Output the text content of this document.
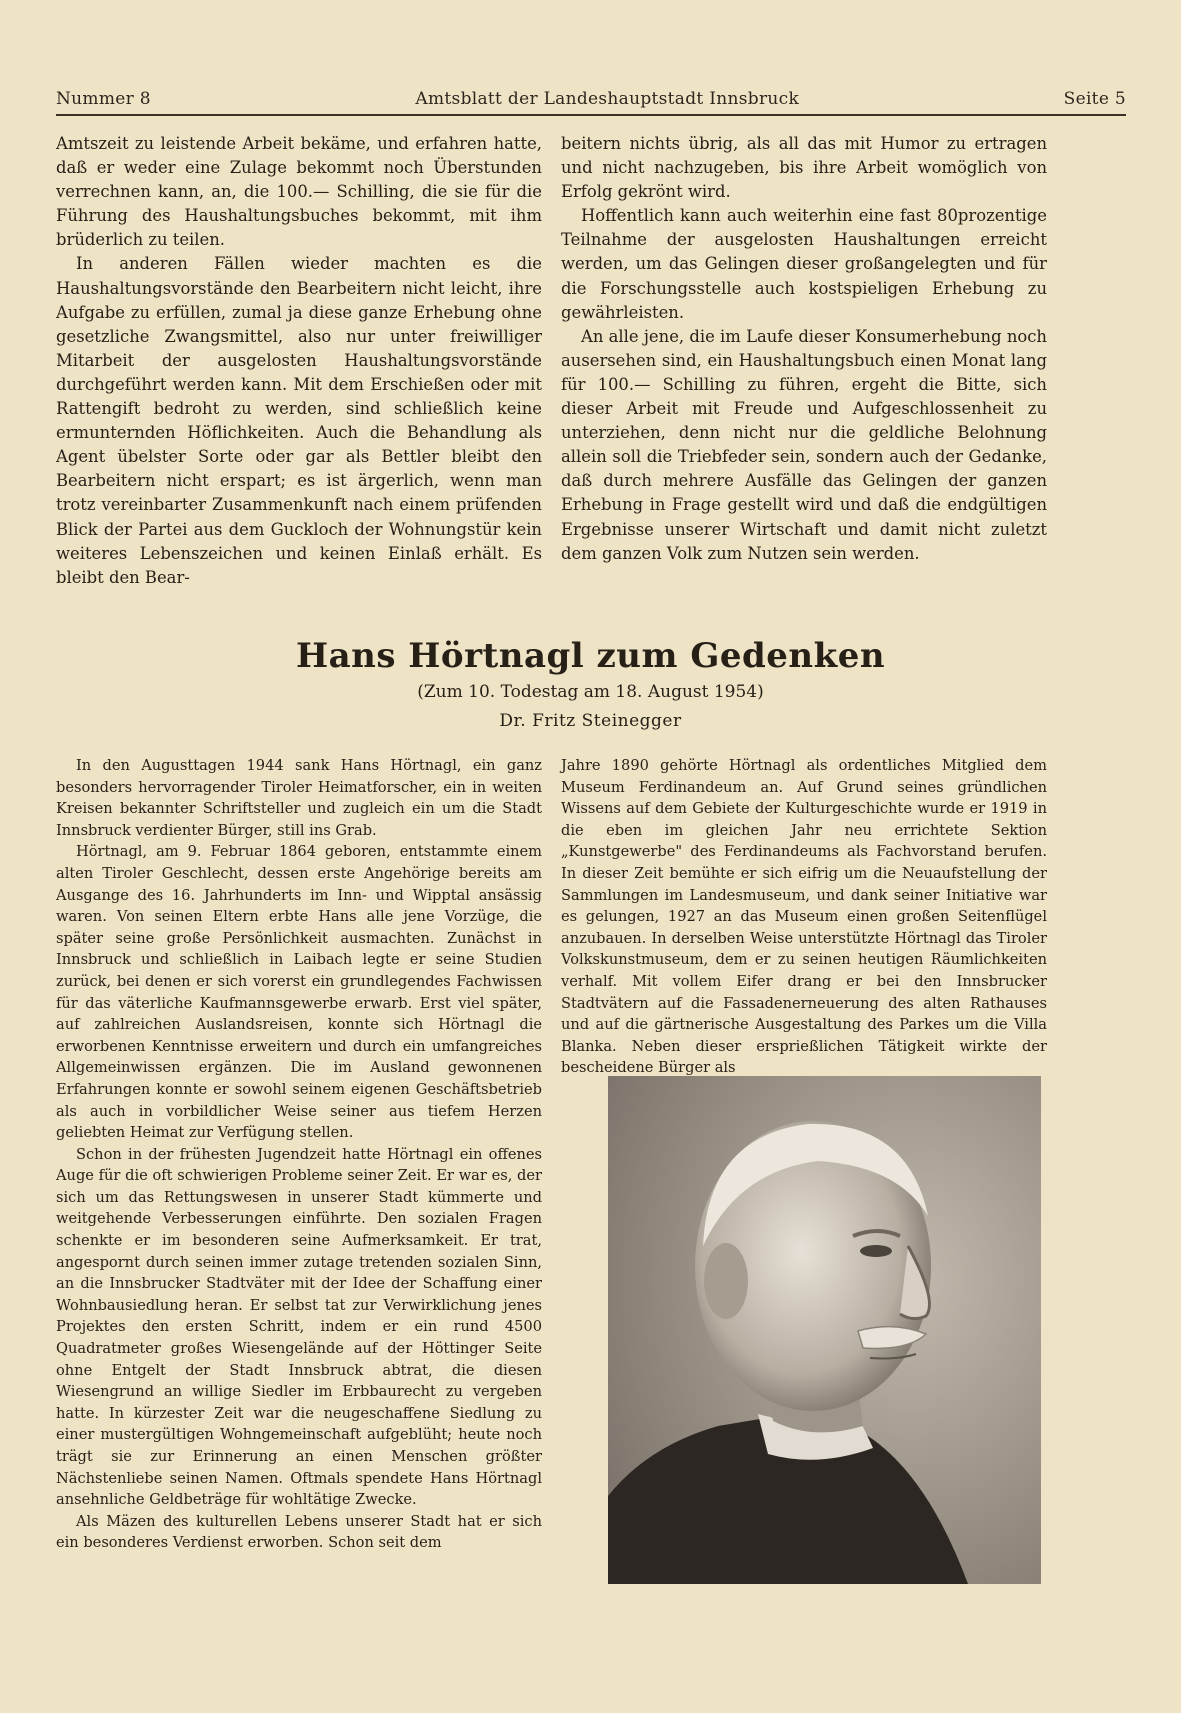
Nummer 8	Amtsblatt der Landeshauptstadt Innsbruck	Seite 5

Amtszeit zu leistende Arbeit bekäme, und erfahren hatte, daß er weder eine Zulage bekommt noch Überstunden verrechnen kann, an, die 100.— Schilling, die sie für die Führung des Haushaltungsbuches bekommt, mit ihm brüderlich zu teilen.

In anderen Fällen wieder machten es die Haushaltungsvorstände den Bearbeitern nicht leicht, ihre Aufgabe zu erfüllen, zumal ja diese ganze Erhebung ohne gesetzliche Zwangsmittel, also nur unter freiwilliger Mitarbeit der ausgelosten Haushaltungsvorstände durchgeführt werden kann. Mit dem Erschießen oder mit Rattengift bedroht zu werden, sind schließlich keine ermunternden Höflichkeiten. Auch die Behandlung als Agent übelster Sorte oder gar als Bettler bleibt den Bearbeitern nicht erspart; es ist ärgerlich, wenn man trotz vereinbarter Zusammenkunft nach einem prüfenden Blick der Partei aus dem Guckloch der Wohnungstür kein weiteres Lebenszeichen und keinen Einlaß erhält. Es bleibt den Bear-

beitern nichts übrig, als all das mit Humor zu ertragen und nicht nachzugeben, bis ihre Arbeit womöglich von Erfolg gekrönt wird.

Hoffentlich kann auch weiterhin eine fast 80prozentige Teilnahme der ausgelosten Haushaltungen erreicht werden, um das Gelingen dieser großangelegten und für die Forschungsstelle auch kostspieligen Erhebung zu gewährleisten.

An alle jene, die im Laufe dieser Konsumerhebung noch ausersehen sind, ein Haushaltungsbuch einen Monat lang für 100.— Schilling zu führen, ergeht die Bitte, sich dieser Arbeit mit Freude und Aufgeschlossenheit zu unterziehen, denn nicht nur die geldliche Belohnung allein soll die Triebfeder sein, sondern auch der Gedanke, daß durch mehrere Ausfälle das Gelingen der ganzen Erhebung in Frage gestellt wird und daß die endgültigen Ergebnisse unserer Wirtschaft und damit nicht zuletzt dem ganzen Volk zum Nutzen sein werden.

Hans Hörtnagl zum Gedenken
(Zum 10. Todestag am 18. August 1954)
Dr. Fritz Steinegger

In den Augusttagen 1944 sank Hans Hörtnagl, ein ganz besonders hervorragender Tiroler Heimatforscher, ein in weiten Kreisen bekannter Schriftsteller und zugleich ein um die Stadt Innsbruck verdienter Bürger, still ins Grab.

Hörtnagl, am 9. Februar 1864 geboren, entstammte einem alten Tiroler Geschlecht, dessen erste Angehörige bereits am Ausgange des 16. Jahrhunderts im Inn- und Wipptal ansässig waren. Von seinen Eltern erbte Hans alle jene Vorzüge, die später seine große Persönlichkeit ausmachten. Zunächst in Innsbruck und schließlich in Laibach legte er seine Studien zurück, bei denen er sich vorerst ein grundlegendes Fachwissen für das väterliche Kaufmannsgewerbe erwarb. Erst viel später, auf zahlreichen Auslandsreisen, konnte sich Hörtnagl die erworbenen Kenntnisse erweitern und durch ein umfangreiches Allgemeinwissen ergänzen. Die im Ausland gewonnenen Erfahrungen konnte er sowohl seinem eigenen Geschäftsbetrieb als auch in vorbildlicher Weise seiner aus tiefem Herzen geliebten Heimat zur Verfügung stellen.

Schon in der frühesten Jugendzeit hatte Hörtnagl ein offenes Auge für die oft schwierigen Probleme seiner Zeit. Er war es, der sich um das Rettungswesen in unserer Stadt kümmerte und weitgehende Verbesserungen einführte. Den sozialen Fragen schenkte er im besonderen seine Aufmerksamkeit. Er trat, angespornt durch seinen immer zutage tretenden sozialen Sinn, an die Innsbrucker Stadtväter mit der Idee der Schaffung einer Wohnbausiedlung heran. Er selbst tat zur Verwirklichung jenes Projektes den ersten Schritt, indem er ein rund 4500 Quadratmeter großes Wiesengelände auf der Höttinger Seite ohne Entgelt der Stadt Innsbruck abtrat, die diesen Wiesengrund an willige Siedler im Erbbaurecht zu vergeben hatte. In kürzester Zeit war die neugeschaffene Siedlung zu einer mustergültigen Wohngemeinschaft aufgeblüht; heute noch trägt sie zur Erinnerung an einen Menschen größter Nächstenliebe seinen Namen. Oftmals spendete Hans Hörtnagl ansehnliche Geldbeträge für wohltätige Zwecke.

Als Mäzen des kulturellen Lebens unserer Stadt hat er sich ein besonderes Verdienst erworben. Schon seit dem

Jahre 1890 gehörte Hörtnagl als ordentliches Mitglied dem Museum Ferdinandeum an. Auf Grund seines gründlichen Wissens auf dem Gebiete der Kulturgeschichte wurde er 1919 in die eben im gleichen Jahr neu errichtete Sektion „Kunstgewerbe" des Ferdinandeums als Fachvorstand berufen. In dieser Zeit bemühte er sich eifrig um die Neuaufstellung der Sammlungen im Landesmuseum, und dank seiner Initiative war es gelungen, 1927 an das Museum einen großen Seitenflügel anzubauen. In derselben Weise unterstützte Hörtnagl das Tiroler Volkskunstmuseum, dem er zu seinen heutigen Räumlichkeiten verhalf. Mit vollem Eifer drang er bei den Innsbrucker Stadtvätern auf die Fassadenerneuerung des alten Rathauses und auf die gärtnerische Ausgestaltung des Parkes um die Villa Blanka. Neben dieser ersprießlichen Tätigkeit wirkte der bescheidene Bürger als
